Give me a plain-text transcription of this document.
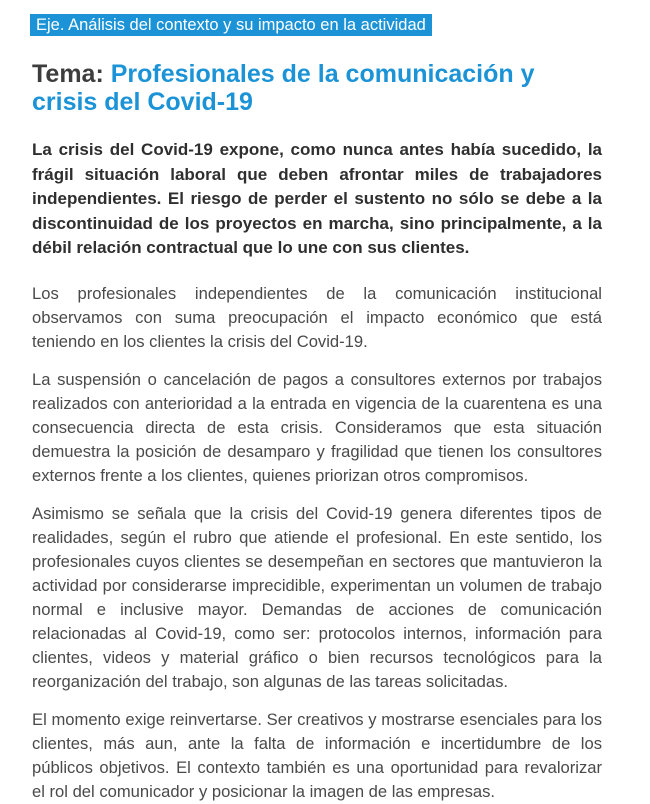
Eje. Análisis del contexto y su impacto en la actividad
Tema: Profesionales de la comunicación y crisis del Covid-19
La crisis del Covid-19 expone, como nunca antes había sucedido, la frágil situación laboral que deben afrontar miles de trabajadores independientes. El riesgo de perder el sustento no sólo se debe a la discontinuidad de los proyectos en marcha, sino principalmente, a la débil relación contractual que lo une con sus clientes.
Los profesionales independientes de la comunicación institucional observamos con suma preocupación el impacto económico que está teniendo en los clientes la crisis del Covid-19.
La suspensión o cancelación de pagos a consultores externos por trabajos realizados con anterioridad a la entrada en vigencia de la cuarentena es una consecuencia directa de esta crisis. Consideramos que esta situación demuestra la posición de desamparo y fragilidad que tienen los consultores externos frente a los clientes, quienes priorizan otros compromisos.
Asimismo se señala que la crisis del Covid-19 genera diferentes tipos de realidades, según el rubro que atiende el profesional. En este sentido, los profesionales cuyos clientes se desempeñan en sectores que mantuvieron la actividad por considerarse imprecidible, experimentan un volumen de trabajo normal e inclusive mayor. Demandas de acciones de comunicación relacionadas al Covid-19, como ser: protocolos internos, información para clientes, videos y material gráfico o bien recursos tecnológicos para la reorganización del trabajo, son algunas de las tareas solicitadas.
El momento exige reinvertarse. Ser creativos y mostrarse esenciales para los clientes, más aun, ante la falta de información e incertidumbre de los públicos objetivos. El contexto también es una oportunidad para revalorizar el rol del comunicador y posicionar la imagen de las empresas.
